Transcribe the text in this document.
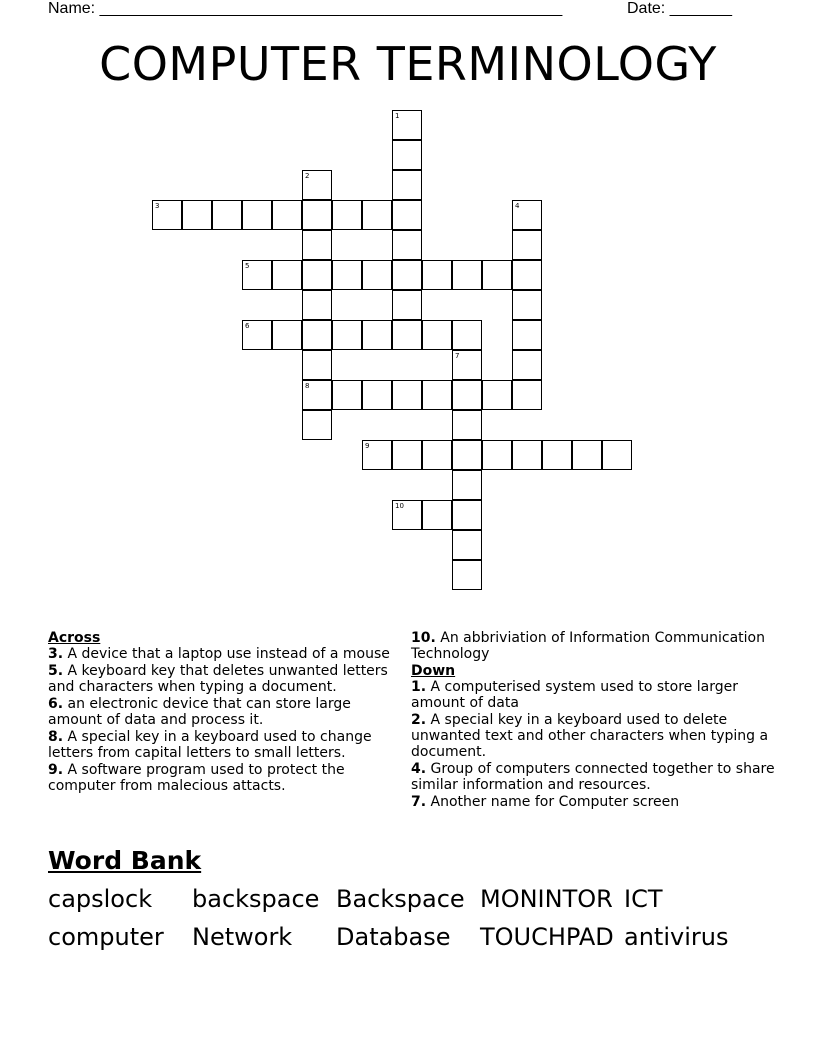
Name: ____________________________________________________	Date: _______
COMPUTER TERMINOLOGY
1
2
8
3	4
5
6
7
9
10
Across
3. A device that a laptop use instead of a mouse
5. A keyboard key that deletes unwanted letters and characters when typing a document.
6. an electronic device that can store large amount of data and process it.
8. A special key in a keyboard used to change letters from capital letters to small letters.
9. A software program used to protect the computer from malecious attacts.
10. An abbriviation of Information Communication Technology
Down
1. A computerised system used to store larger amount of data
2. A special key in a keyboard used to delete unwanted text and other characters when typing a document.
4. Group of computers connected together to share similar information and resources.
7. Another name for Computer screen
Word Bank
capslock backspace Backspace MONINTOR ICT
computer Network Database TOUCHPAD antivirus
